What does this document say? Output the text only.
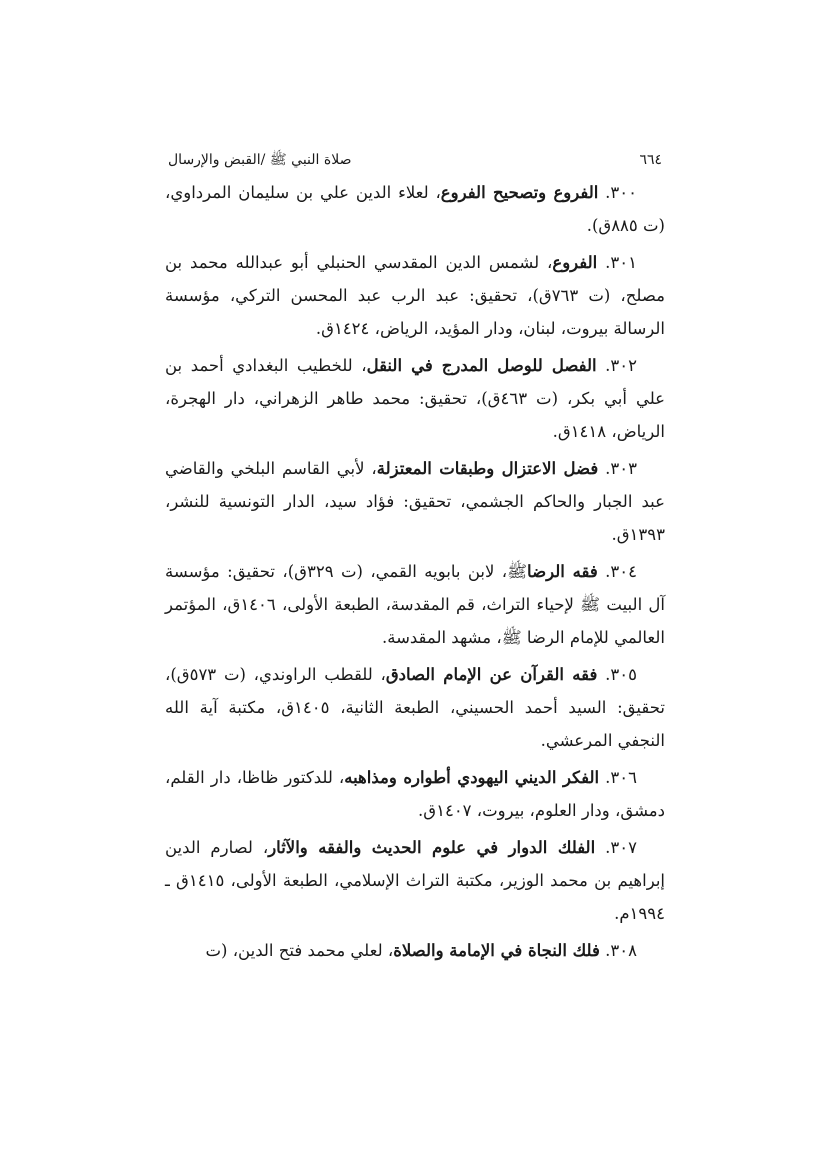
٦٦٤
صلاة النبي ﷺ /القبض والإرسال

٣٠٠. الفروع وتصحيح الفروع، لعلاء الدين علي بن سليمان المرداوي، (ت ٨٨٥ق).

٣٠١. الفروع، لشمس الدين المقدسي الحنبلي أبو عبدالله محمد بن مصلح، (ت ٧٦٣ق)، تحقيق: عبد الرب عبد المحسن التركي، مؤسسة الرسالة بيروت، لبنان، ودار المؤيد، الرياض، ١٤٢٤ق.

٣٠٢. الفصل للوصل المدرج في النقل، للخطيب البغدادي أحمد بن علي أبي بكر، (ت ٤٦٣ق)، تحقيق: محمد طاهر الزهراني، دار الهجرة، الرياض، ١٤١٨ق.

٣٠٣. فضل الاعتزال وطبقات المعتزلة، لأبي القاسم البلخي والقاضي عبد الجبار والحاكم الجشمي، تحقيق: فؤاد سيد، الدار التونسية للنشر، ١٣٩٣ق.

٣٠٤. فقه الرضاﷺ، لابن بابويه القمي، (ت ٣٢٩ق)، تحقيق: مؤسسة آل البيت ﷺ لإحياء التراث، قم المقدسة، الطبعة الأولى، ١٤٠٦ق، المؤتمر العالمي للإمام الرضا ﷺ، مشهد المقدسة.

٣٠٥. فقه القرآن عن الإمام الصادق، للقطب الراوندي، (ت ٥٧٣ق)، تحقيق: السيد أحمد الحسيني، الطبعة الثانية، ١٤٠٥ق، مكتبة آية الله النجفي المرعشي.

٣٠٦. الفكر الديني اليهودي أطواره ومذاهبه، للدكتور ظاظا، دار القلم، دمشق، ودار العلوم، بيروت، ١٤٠٧ق.

٣٠٧. الفلك الدوار في علوم الحديث والفقه والآثار، لصارم الدين إبراهيم بن محمد الوزير، مكتبة التراث الإسلامي، الطبعة الأولى، ١٤١٥ق ـ ١٩٩٤م.

٣٠٨. فلك النجاة في الإمامة والصلاة، لعلي محمد فتح الدين، (ت
